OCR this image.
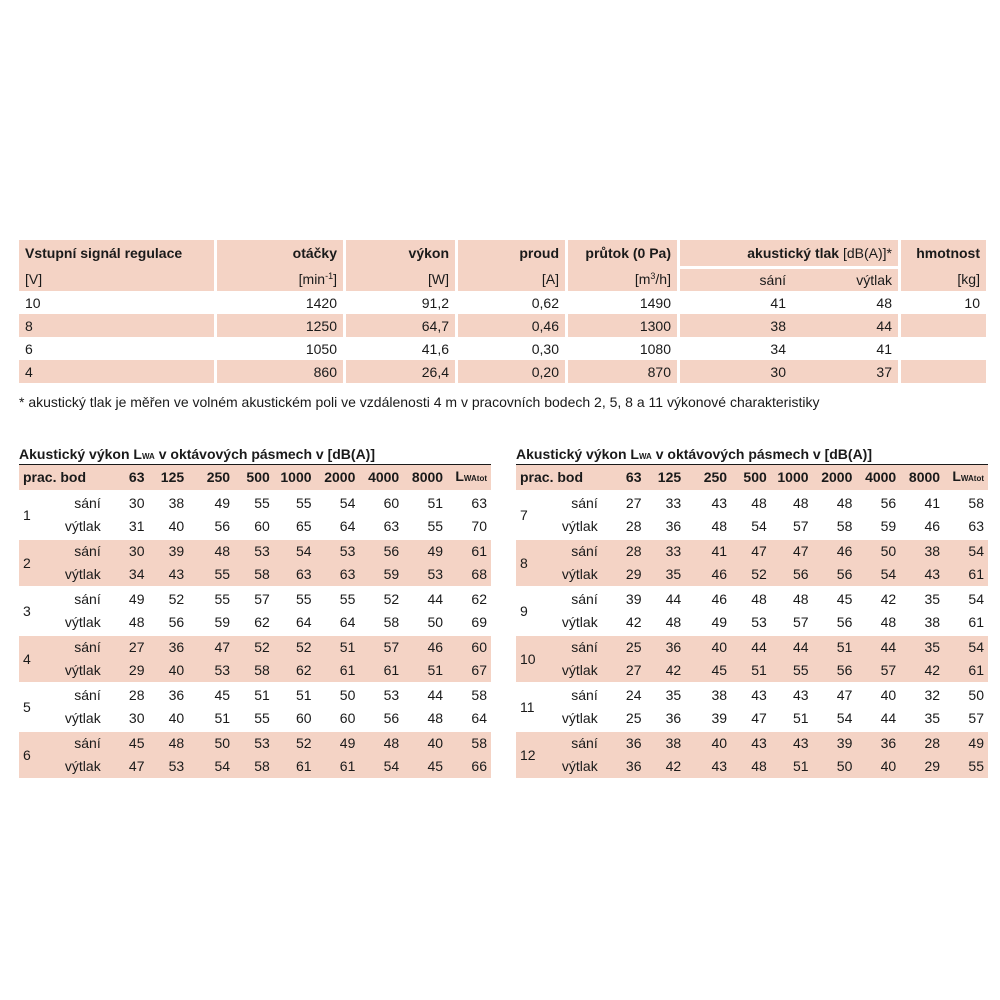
Vstupní signál regulace	otáčky	výkon	proud	průtok (0 Pa)	akustický tlak [dB(A)]*		hmotnost
[V]	$[\min^{-1}]$	[W]	[A]	$[m^3/h]$	sání	výtlak	[kg]
10	1420	91,2	0,62	1490	41	48	10
8	1250	64,7	0,46	1300	38	44	
6	1050	41,6	0,30	1080	34	41	
4	860	26,4	0,20	870	30	37	
* akustický tlak je měřen ve volném akustickém poli ve vzdálenosti 4 m v pracovních bodech 2, 5, 8 a 11 výkonové charakteristiky
Akustický výkon LWA v oktávových pásmech v [dB(A)]
prac. bod		63	125	250	500	1000	2000	4000	8000	LWAtot

1	sání	30	38	49	55	55	54	60	51	63
	výtlak	31	40	56	60	65	64	63	55	70

2	sání	30	39	48	53	54	53	56	49	61
	výtlak	34	43	55	58	63	63	59	53	68

3	sání	49	52	55	57	55	55	52	44	62
	výtlak	48	56	59	62	64	64	58	50	69

4	sání	27	36	47	52	52	51	57	46	60
	výtlak	29	40	53	58	62	61	61	51	67

5	sání	28	36	45	51	51	50	53	44	58
	výtlak	30	40	51	55	60	60	56	48	64

6	sání	45	48	50	53	52	49	48	40	58
	výtlak	47	53	54	58	61	61	54	45	66
Akustický výkon LWA v oktávových pásmech v [dB(A)]
prac. bod		63	125	250	500	1000	2000	4000	8000	LWAtot

7	sání	27	33	43	48	48	48	56	41	58
	výtlak	28	36	48	54	57	58	59	46	63

8	sání	28	33	41	47	47	46	50	38	54
	výtlak	29	35	46	52	56	56	54	43	61

9	sání	39	44	46	48	48	45	42	35	54
	výtlak	42	48	49	53	57	56	48	38	61

10	sání	25	36	40	44	44	51	44	35	54
	výtlak	27	42	45	51	55	56	57	42	61

11	sání	24	35	38	43	43	47	40	32	50
	výtlak	25	36	39	47	51	54	44	35	57

12	sání	36	38	40	43	43	39	36	28	49
	výtlak	36	42	43	48	51	50	40	29	55
